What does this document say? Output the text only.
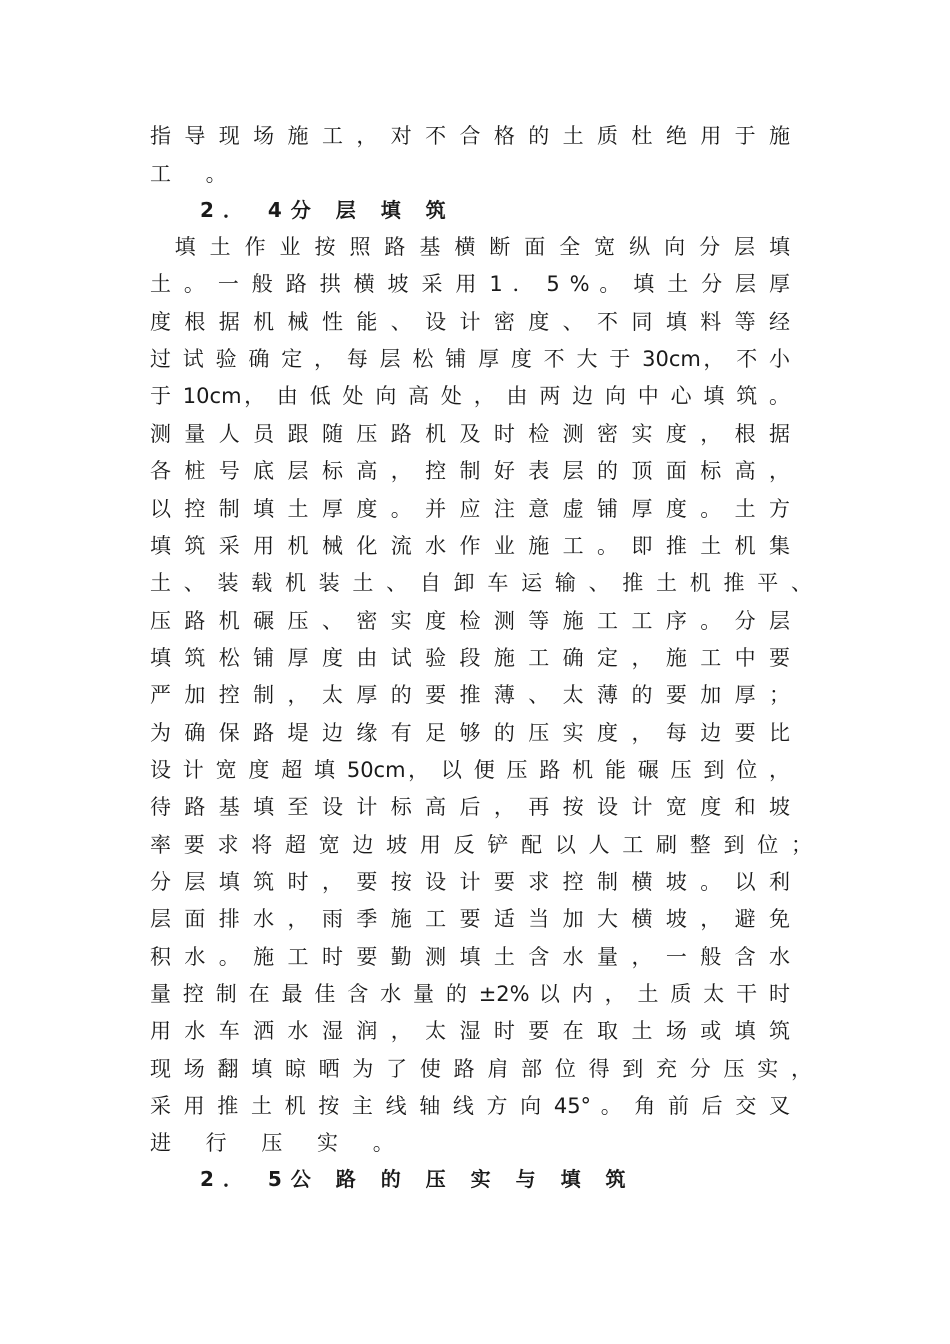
指 导 现 场 施 工 ， 对 不 合 格 的 土 质 杜 绝 用 于 施
工 。
2． 4分 层 填 筑
　填 土 作 业 按 照 路 基 横 断 面 全 宽 纵 向 分 层 填
土 。 一 般 路 拱 横 坡 采 用 1 ． 5 % 。 填 土 分 层 厚
度 根 据 机 械 性 能 、 设 计 密 度 、 不 同 填 料 等 经
过 试 验 确 定 ， 每 层 松 铺 厚 度 不 大 于 30cm， 不 小
于 10cm， 由 低 处 向 高 处 ， 由 两 边 向 中 心 填 筑 。
测 量 人 员 跟 随 压 路 机 及 时 检 测 密 实 度 ， 根 据
各 桩 号 底 层 标 高 ， 控 制 好 表 层 的 顶 面 标 高 ，
以 控 制 填 土 厚 度 。 并 应 注 意 虚 铺 厚 度 。 土 方
填 筑 采 用 机 械 化 流 水 作 业 施 工 。 即 推 土 机 集
土 、 装 载 机 装 土 、 自 卸 车 运 输 、 推 土 机 推 平 、
压 路 机 碾 压 、 密 实 度 检 测 等 施 工 工 序 。 分 层
填 筑 松 铺 厚 度 由 试 验 段 施 工 确 定 ， 施 工 中 要
严 加 控 制 ， 太 厚 的 要 推 薄 、 太 薄 的 要 加 厚 ；
为 确 保 路 堤 边 缘 有 足 够 的 压 实 度 ， 每 边 要 比
设 计 宽 度 超 填 50cm， 以 便 压 路 机 能 碾 压 到 位 ，
待 路 基 填 至 设 计 标 高 后 ， 再 按 设 计 宽 度 和 坡
率 要 求 将 超 宽 边 坡 用 反 铲 配 以 人 工 刷 整 到 位 ；
分 层 填 筑 时 ， 要 按 设 计 要 求 控 制 横 坡 。 以 利
层 面 排 水 ， 雨 季 施 工 要 适 当 加 大 横 坡 ， 避 免
积 水 。 施 工 时 要 勤 测 填 土 含 水 量 ， 一 般 含 水
量 控 制 在 最 佳 含 水 量 的 ±2% 以 内 ， 土 质 太 干 时
用 水 车 洒 水 湿 润 ， 太 湿 时 要 在 取 土 场 或 填 筑
现 场 翻 填 晾 晒 为 了 使 路 肩 部 位 得 到 充 分 压 实 ，
采 用 推 土 机 按 主 线 轴 线 方 向 45° 。 角 前 后 交 叉
进 行 压 实 。
2． 5公 路 的 压 实 与 填 筑
